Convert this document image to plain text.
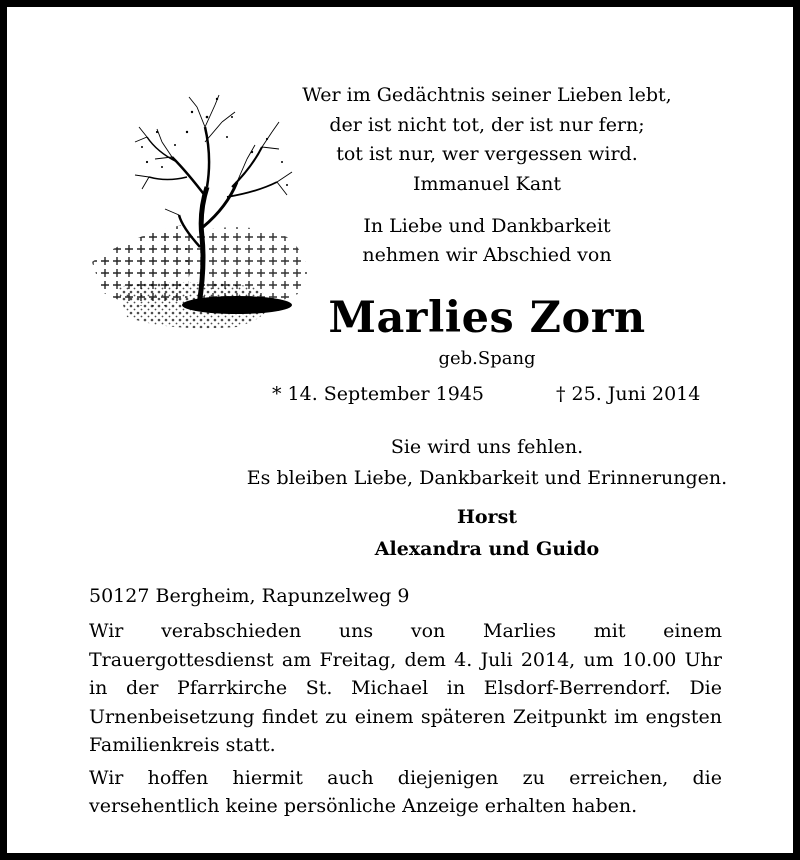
Wer im Gedächtnis seiner Lieben lebt,
der ist nicht tot, der ist nur fern;
tot ist nur, wer vergessen wird.
Immanuel Kant
In Liebe und Dankbarkeit
nehmen wir Abschied von
Marlies Zorn
geb.Spang
* 14. September 1945	† 25. Juni 2014
Sie wird uns fehlen.
Es bleiben Liebe, Dankbarkeit und Erinnerungen.
Horst
Alexandra und Guido
50127 Bergheim, Rapunzelweg 9

Wir verabschieden uns von Marlies mit einem Trauergottesdienst am Freitag, dem 4. Juli 2014, um 10.00 Uhr in der Pfarrkirche St. Michael in Elsdorf-Berrendorf. Die Urnenbeisetzung findet zu einem späteren Zeitpunkt im engsten Familienkreis statt.

Wir hoffen hiermit auch diejenigen zu erreichen, die versehentlich keine persönliche Anzeige erhalten haben.
